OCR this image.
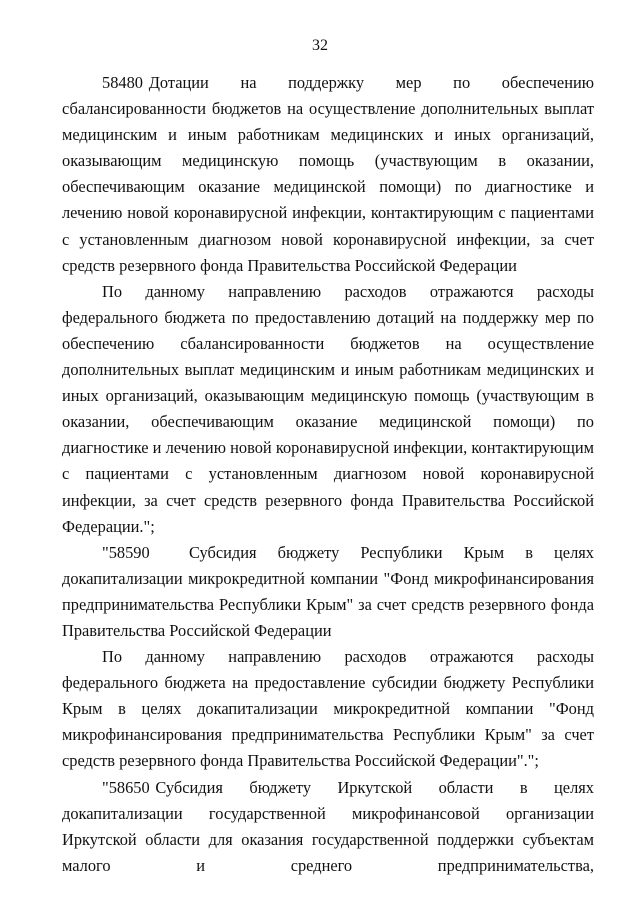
32

58480 Дотации на поддержку мер по обеспечению сбалансированности бюджетов на осуществление дополнительных выплат медицинским и иным работникам медицинских и иных организаций, оказывающим медицинскую помощь (участвующим в оказании, обеспечивающим оказание медицинской помощи) по диагностике и лечению новой коронавирусной инфекции, контактирующим с пациентами с установленным диагнозом новой коронавирусной инфекции, за счет средств резервного фонда Правительства Российской Федерации

По данному направлению расходов отражаются расходы федерального бюджета по предоставлению дотаций на поддержку мер по обеспечению сбалансированности бюджетов на осуществление дополнительных выплат медицинским и иным работникам медицинских и иных организаций, оказывающим медицинскую помощь (участвующим в оказании, обеспечивающим оказание медицинской помощи) по диагностике и лечению новой коронавирусной инфекции, контактирующим с пациентами с установленным диагнозом новой коронавирусной инфекции, за счет средств резервного фонда Правительства Российской Федерации.";

"58590 Субсидия бюджету Республики Крым в целях докапитализации микрокредитной компании "Фонд микрофинансирования предпринимательства Республики Крым" за счет средств резервного фонда Правительства Российской Федерации

По данному направлению расходов отражаются расходы федерального бюджета на предоставление субсидии бюджету Республики Крым в целях докапитализации микрокредитной компании "Фонд микрофинансирования предпринимательства Республики Крым" за счет средств резервного фонда Правительства Российской Федерации".";

"58650 Субсидия бюджету Иркутской области в целях докапитализации государственной микрофинансовой организации Иркутской области для оказания государственной поддержки субъектам малого и среднего предпринимательства,
